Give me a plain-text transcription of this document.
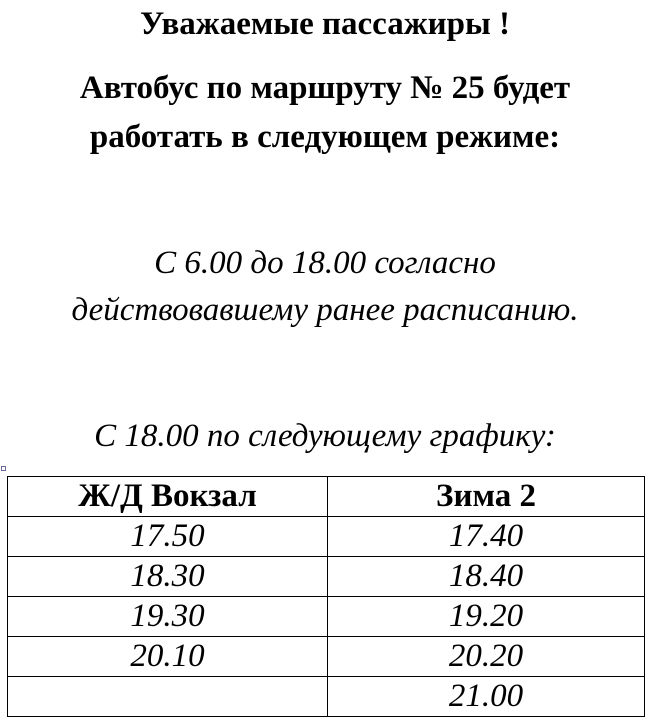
Уважаемые пассажиры !
Автобус по маршруту № 25 будет
работать в следующем режиме:
С 6.00 до 18.00 согласно
действовавшему ранее расписанию.
С 18.00 по следующему графику:
Ж/Д Вокзал	Зима 2
17.50	17.40
18.30	18.40
19.30	19.20
20.10	20.20
	21.00
